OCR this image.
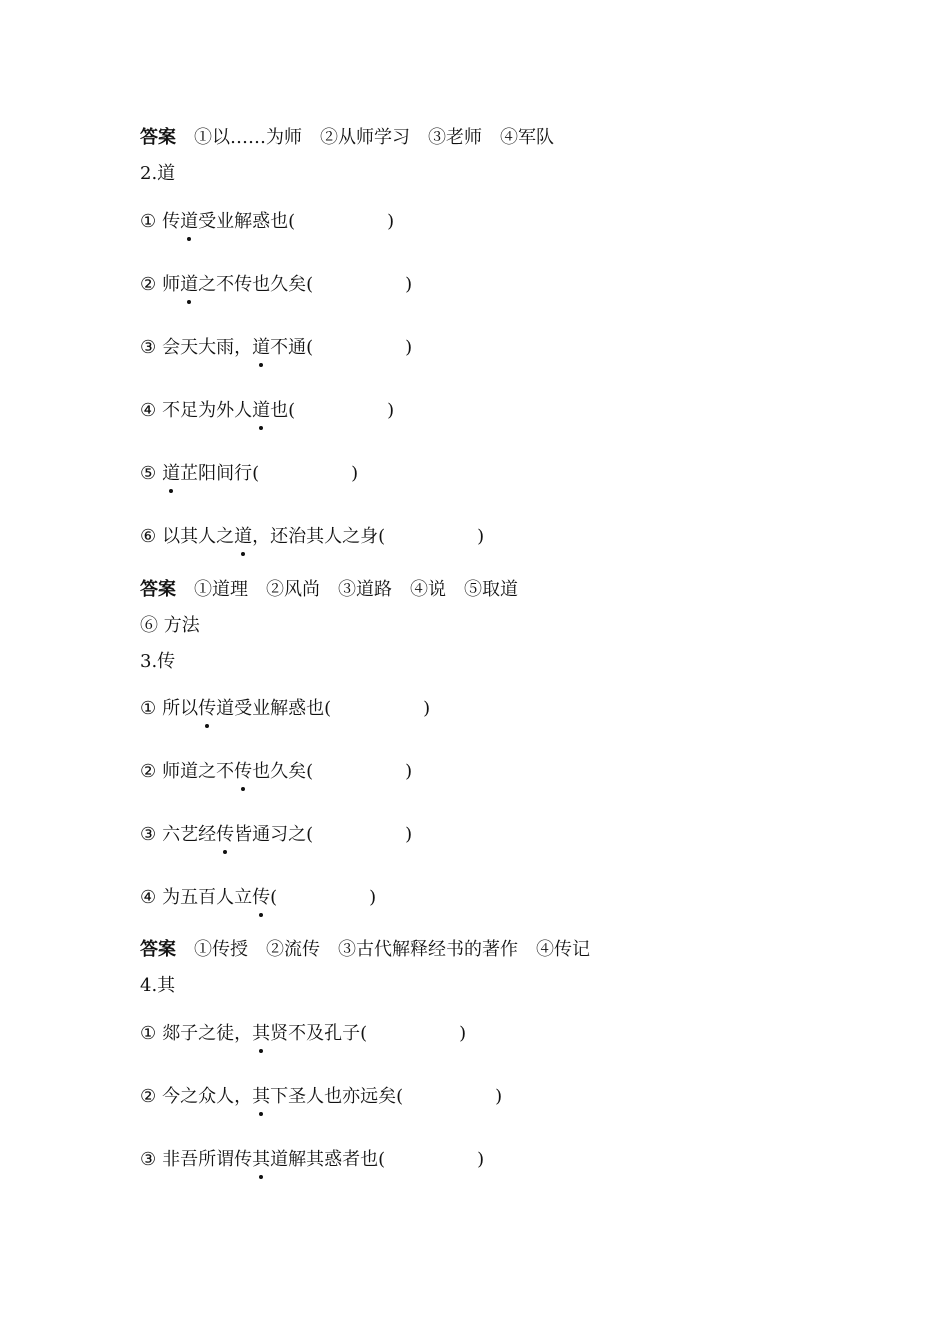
答案 ①以……为师 ②从师学习 ③老师 ④军队
2.道
① 传道受业解惑也(	)
② 师道之不传也久矣(	)
③ 会天大雨，道不通(	)
④ 不足为外人道也(	)
⑤ 道芷阳间行(	)
⑥ 以其人之道，还治其人之身(	)
答案 ①道理 ②风尚 ③道路 ④说 ⑤取道
⑥ 方法
3.传
① 所以传道受业解惑也(	)
② 师道之不传也久矣(	)
③ 六艺经传皆通习之(	)
④ 为五百人立传(	)
答案 ①传授 ②流传 ③古代解释经书的著作 ④传记
4.其
① 郯子之徒，其贤不及孔子(	)
② 今之众人，其下圣人也亦远矣(	)
③ 非吾所谓传其道解其惑者也(	)
